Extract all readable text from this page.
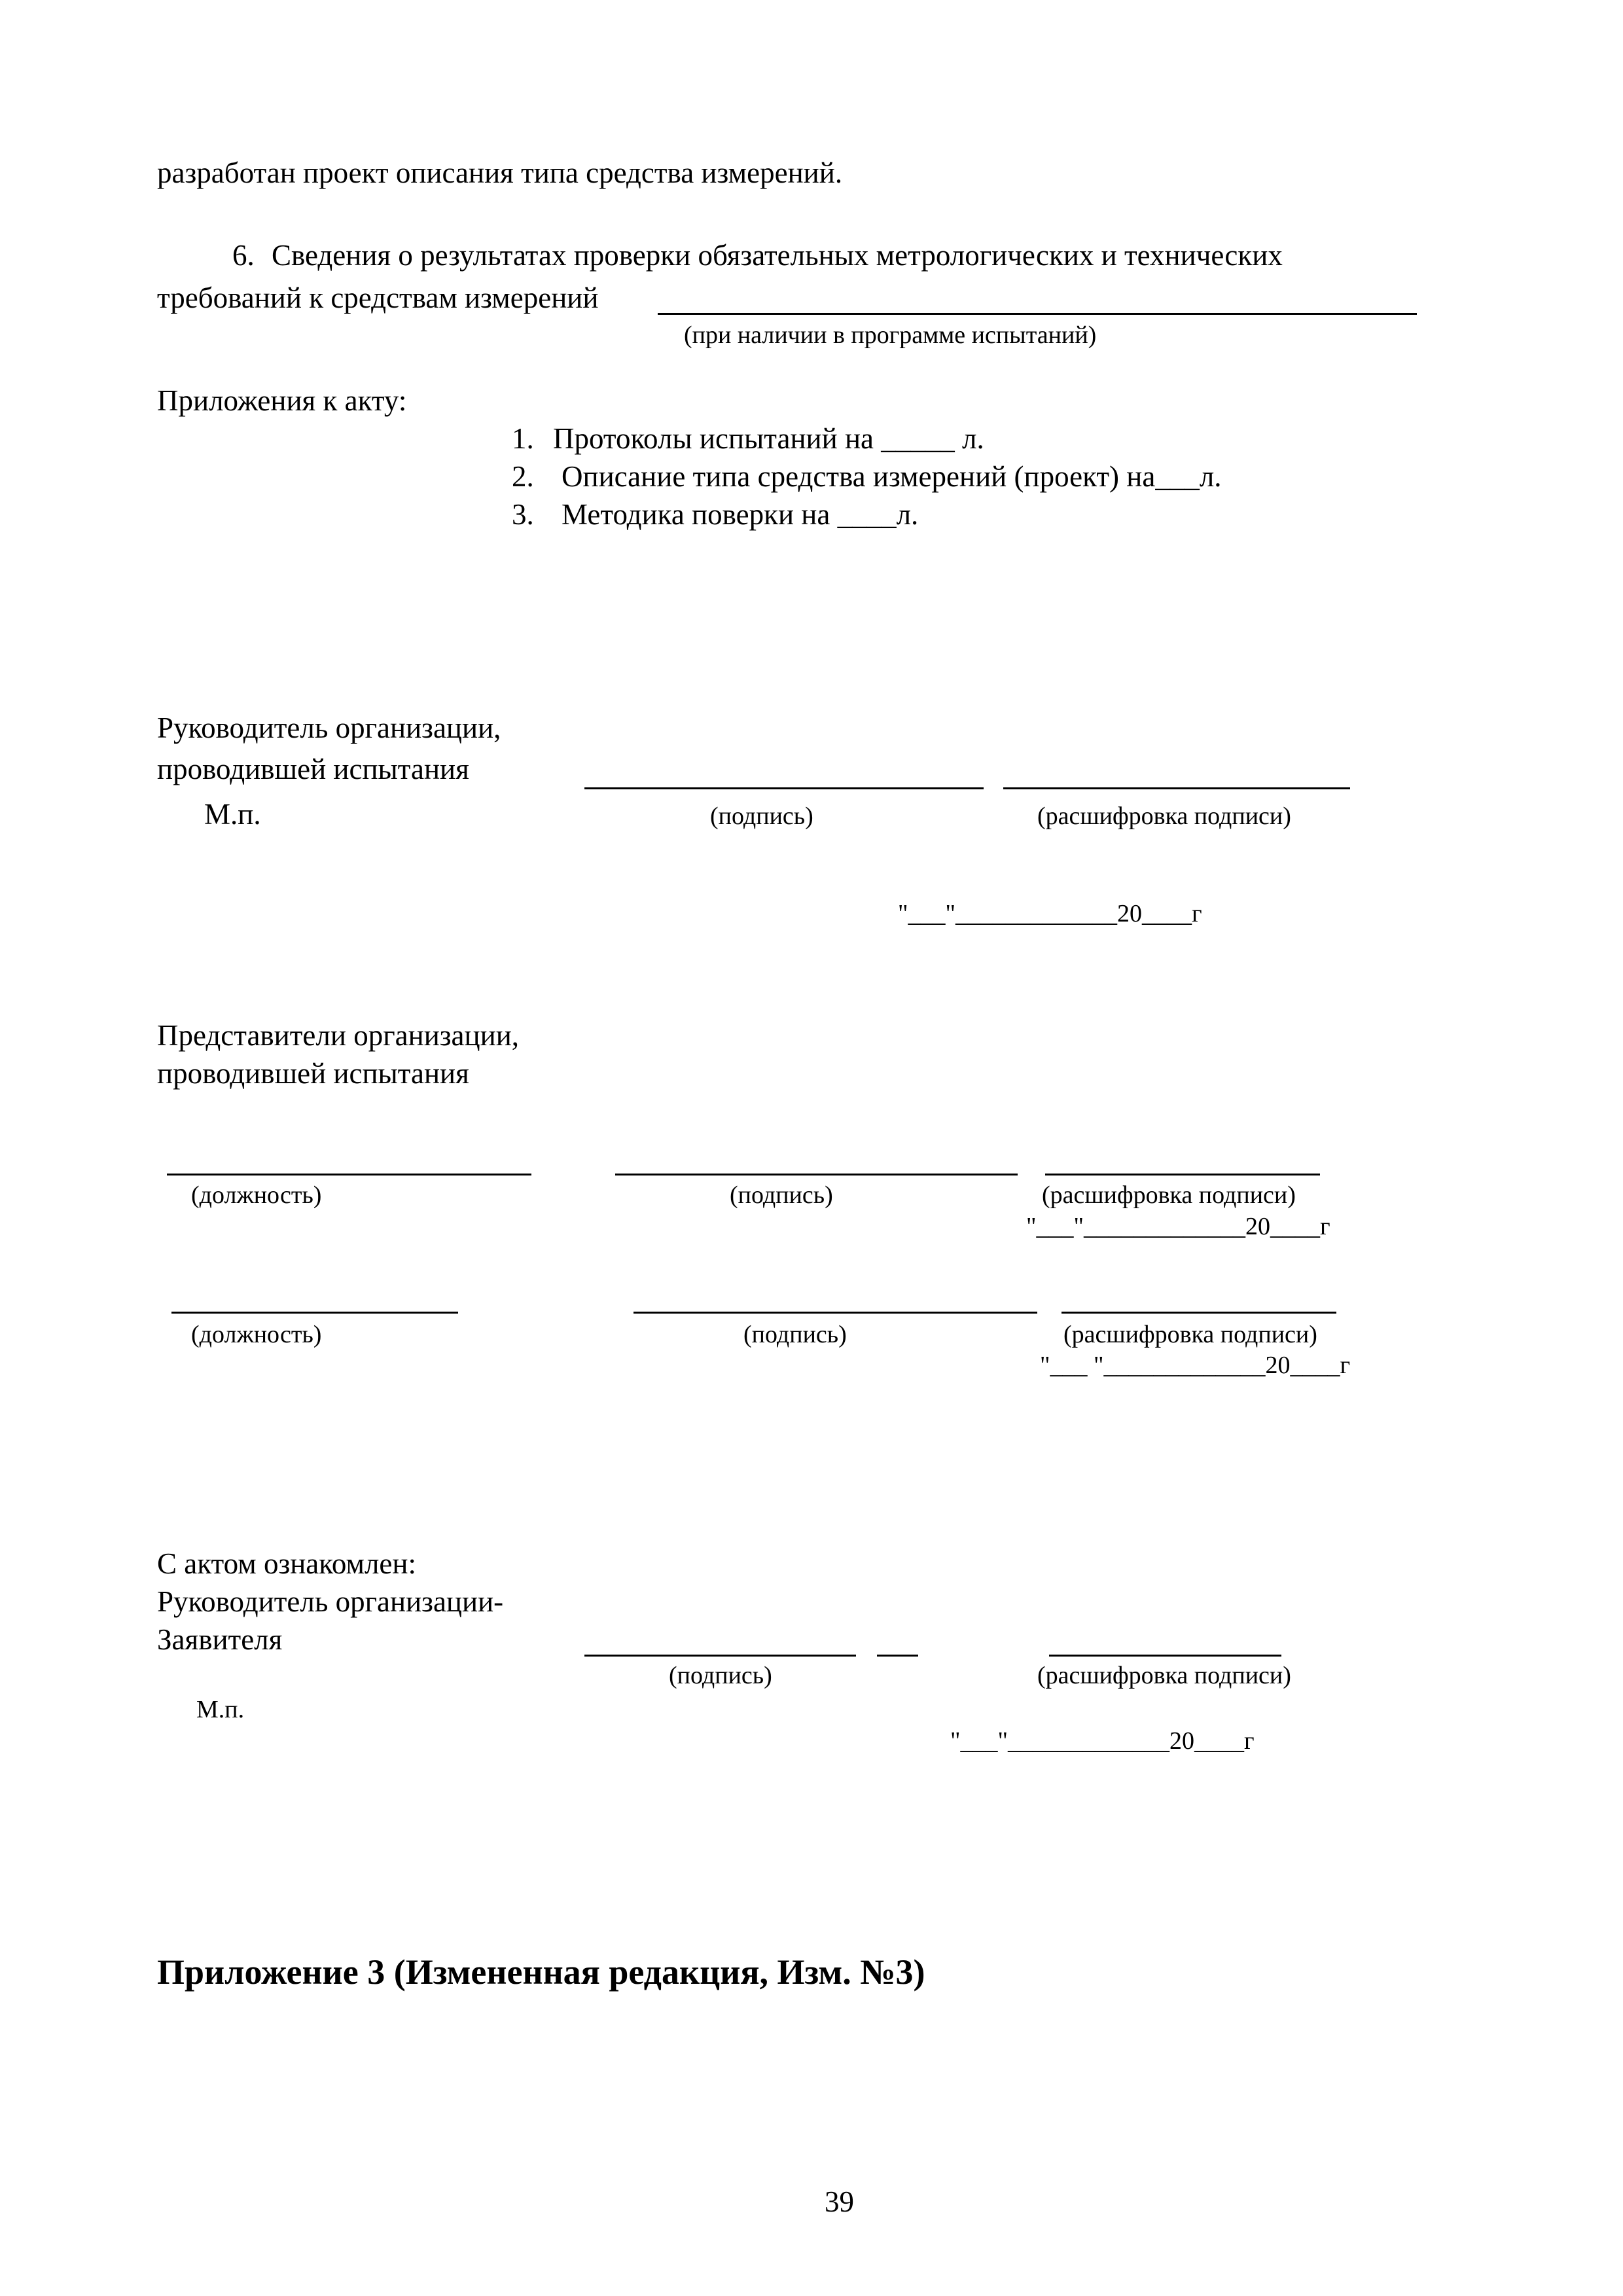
разработан проект описания типа средства измерений.
6. Сведения о результатах проверки обязательных метрологических и технических
требований к средствам измерений
(при наличии в программе испытаний)
Приложения к акту:
1. Протоколы испытаний на _____ л.
2. Описание типа средства измерений (проект) на___л.
3. Методика поверки на ____л.
Руководитель организации,
проводившей испытания
М.п.	(подпись)	(расшифровка подписи)
"___"_____________20____г
Представители организации,
проводившей испытания
(должность)	(подпись)	(расшифровка подписи)
"___"_____________20____г
(должность)	(подпись)	(расшифровка подписи)
"___ "_____________20____г
С актом ознакомлен:
Руководитель организации-
Заявителя
(подпись)	(расшифровка подписи)
М.п.
"___"_____________20____г
Приложение 3 (Измененная редакция, Изм. №3)
39
